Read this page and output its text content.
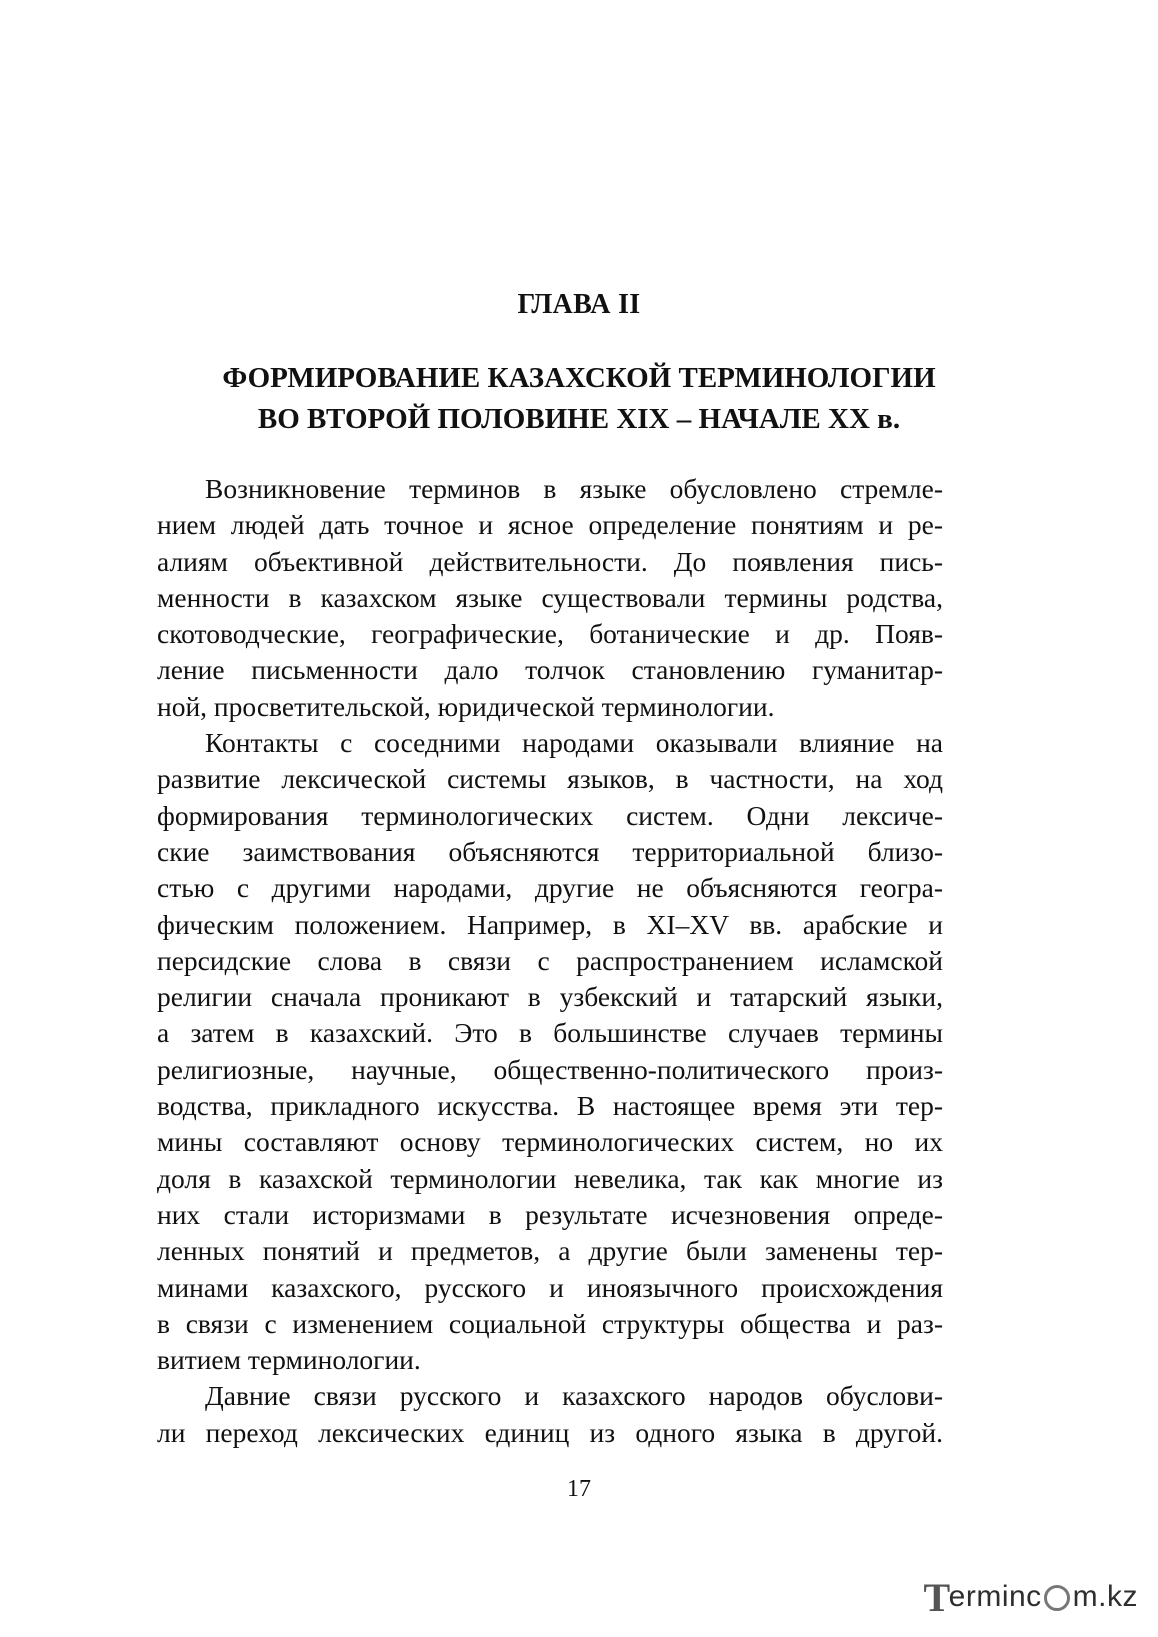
ГЛАВА II
ФОРМИРОВАНИЕ КАЗАХСКОЙ ТЕРМИНОЛОГИИ
ВО ВТОРОЙ ПОЛОВИНЕ XIX – НАЧАЛЕ XX в.
Возникновение терминов в языке обусловлено стремле-
нием людей дать точное и ясное определение понятиям и ре-
алиям объективной действительности. До появления пись-
менности в казахском языке существовали термины родства,
скотоводческие, географические, ботанические и др. Появ-
ление письменности дало толчок становлению гуманитар-
ной, просветительской, юридической терминологии.
Контакты с соседними народами оказывали влияние на
развитие лексической системы языков, в частности, на ход
формирования терминологических систем. Одни лексиче-
ские заимствования объясняются территориальной близо-
стью с другими народами, другие не объясняются геогра-
фическим положением. Например, в XI–XV вв. арабские и
персидские слова в связи с распространением исламской
религии сначала проникают в узбекский и татарский языки,
а затем в казахский. Это в большинстве случаев термины
религиозные, научные, общественно-политического произ-
водства, прикладного искусства. В настоящее время эти тер-
мины составляют основу терминологических систем, но их
доля в казахской терминологии невелика, так как многие из
них стали историзмами в результате исчезновения опреде-
ленных понятий и предметов, а другие были заменены тер-
минами казахского, русского и иноязычного происхождения
в связи с изменением социальной структуры общества и раз-
витием терминологии.
Давние связи русского и казахского народов обуслови-
ли переход лексических единиц из одного языка в другой.
17
T
erminc m.kz
